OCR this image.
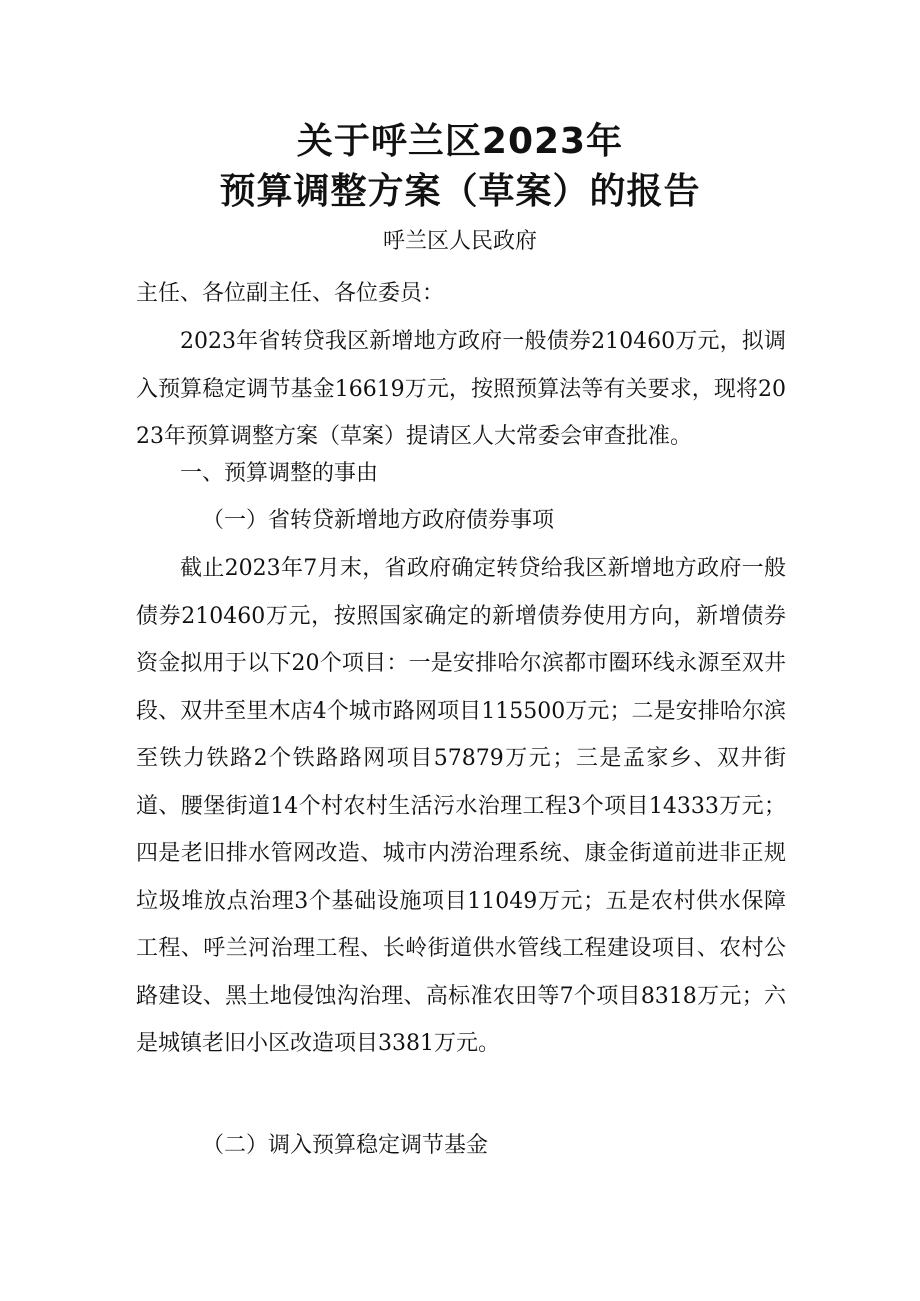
关于呼兰区2023年
预算调整方案（草案）的报告
呼兰区人民政府

主任、各位副主任、各位委员：

2023年省转贷我区新增地方政府一般债券210460万元，拟调入预算稳定调节基金16619万元，按照预算法等有关要求，现将2023年预算调整方案（草案）提请区人大常委会审查批准。

一、预算调整的事由

（一）省转贷新增地方政府债券事项

截止2023年7月末，省政府确定转贷给我区新增地方政府一般债券210460万元，按照国家确定的新增债券使用方向，新增债券资金拟用于以下20个项目：一是安排哈尔滨都市圈环线永源至双井段、双井至里木店4个城市路网项目115500万元；二是安排哈尔滨至铁力铁路2个铁路路网项目57879万元；三是孟家乡、双井街道、腰堡街道14个村农村生活污水治理工程3个项目14333万元；四是老旧排水管网改造、城市内涝治理系统、康金街道前进非正规垃圾堆放点治理3个基础设施项目11049万元；五是农村供水保障工程、呼兰河治理工程、长岭街道供水管线工程建设项目、农村公路建设、黑土地侵蚀沟治理、高标准农田等7个项目8318万元；六是城镇老旧小区改造项目3381万元。

（二）调入预算稳定调节基金
